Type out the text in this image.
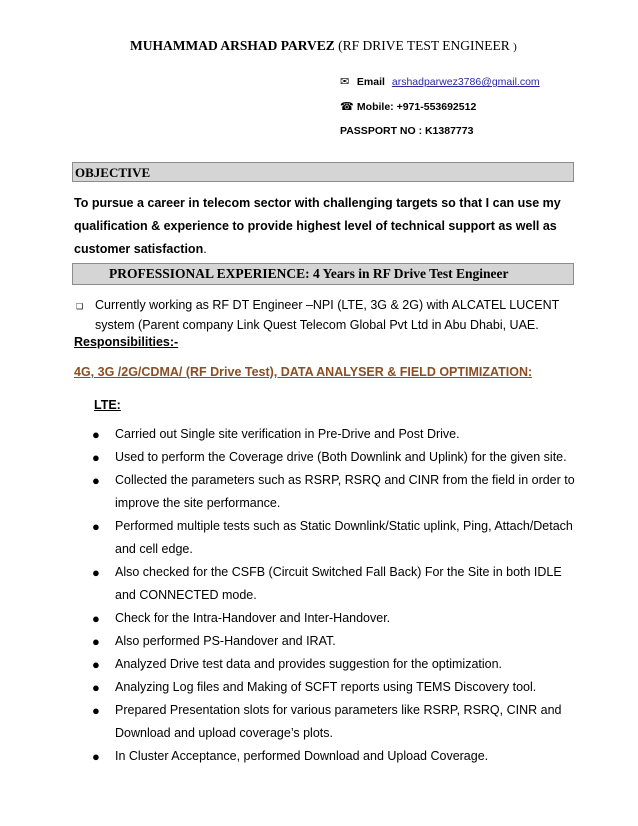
MUHAMMAD ARSHAD PARVEZ (RF DRIVE TEST ENGINEER )
✉ Email arshadparwez3786@gmail.com
☎ Mobile: +971-553692512
PASSPORT NO : K1387773
OBJECTIVE
To pursue a career in telecom sector with challenging targets so that I can use my qualification & experience to provide highest level of technical support as well as customer satisfaction.
PROFESSIONAL EXPERIENCE: 4 Years in RF Drive Test Engineer
❑ Currently working as RF DT Engineer –NPI (LTE, 3G & 2G) with ALCATEL LUCENT system (Parent company Link Quest Telecom Global Pvt Ltd in Abu Dhabi, UAE.
Responsibilities:-
4G, 3G /2G/CDMA/ (RF Drive Test), DATA ANALYSER & FIELD OPTIMIZATION:
LTE:
● Carried out Single site verification in Pre-Drive and Post Drive.
● Used to perform the Coverage drive (Both Downlink and Uplink) for the given site.
● Collected the parameters such as RSRP, RSRQ and CINR from the field in order to improve the site performance.
● Performed multiple tests such as Static Downlink/Static uplink, Ping, Attach/Detach and cell edge.
● Also checked for the CSFB (Circuit Switched Fall Back) For the Site in both IDLE and CONNECTED mode.
● Check for the Intra-Handover and Inter-Handover.
● Also performed PS-Handover and IRAT.
● Analyzed Drive test data and provides suggestion for the optimization.
● Analyzing Log files and Making of SCFT reports using TEMS Discovery tool.
● Prepared Presentation slots for various parameters like RSRP, RSRQ, CINR and Download and upload coverage’s plots.
● In Cluster Acceptance, performed Download and Upload Coverage.
